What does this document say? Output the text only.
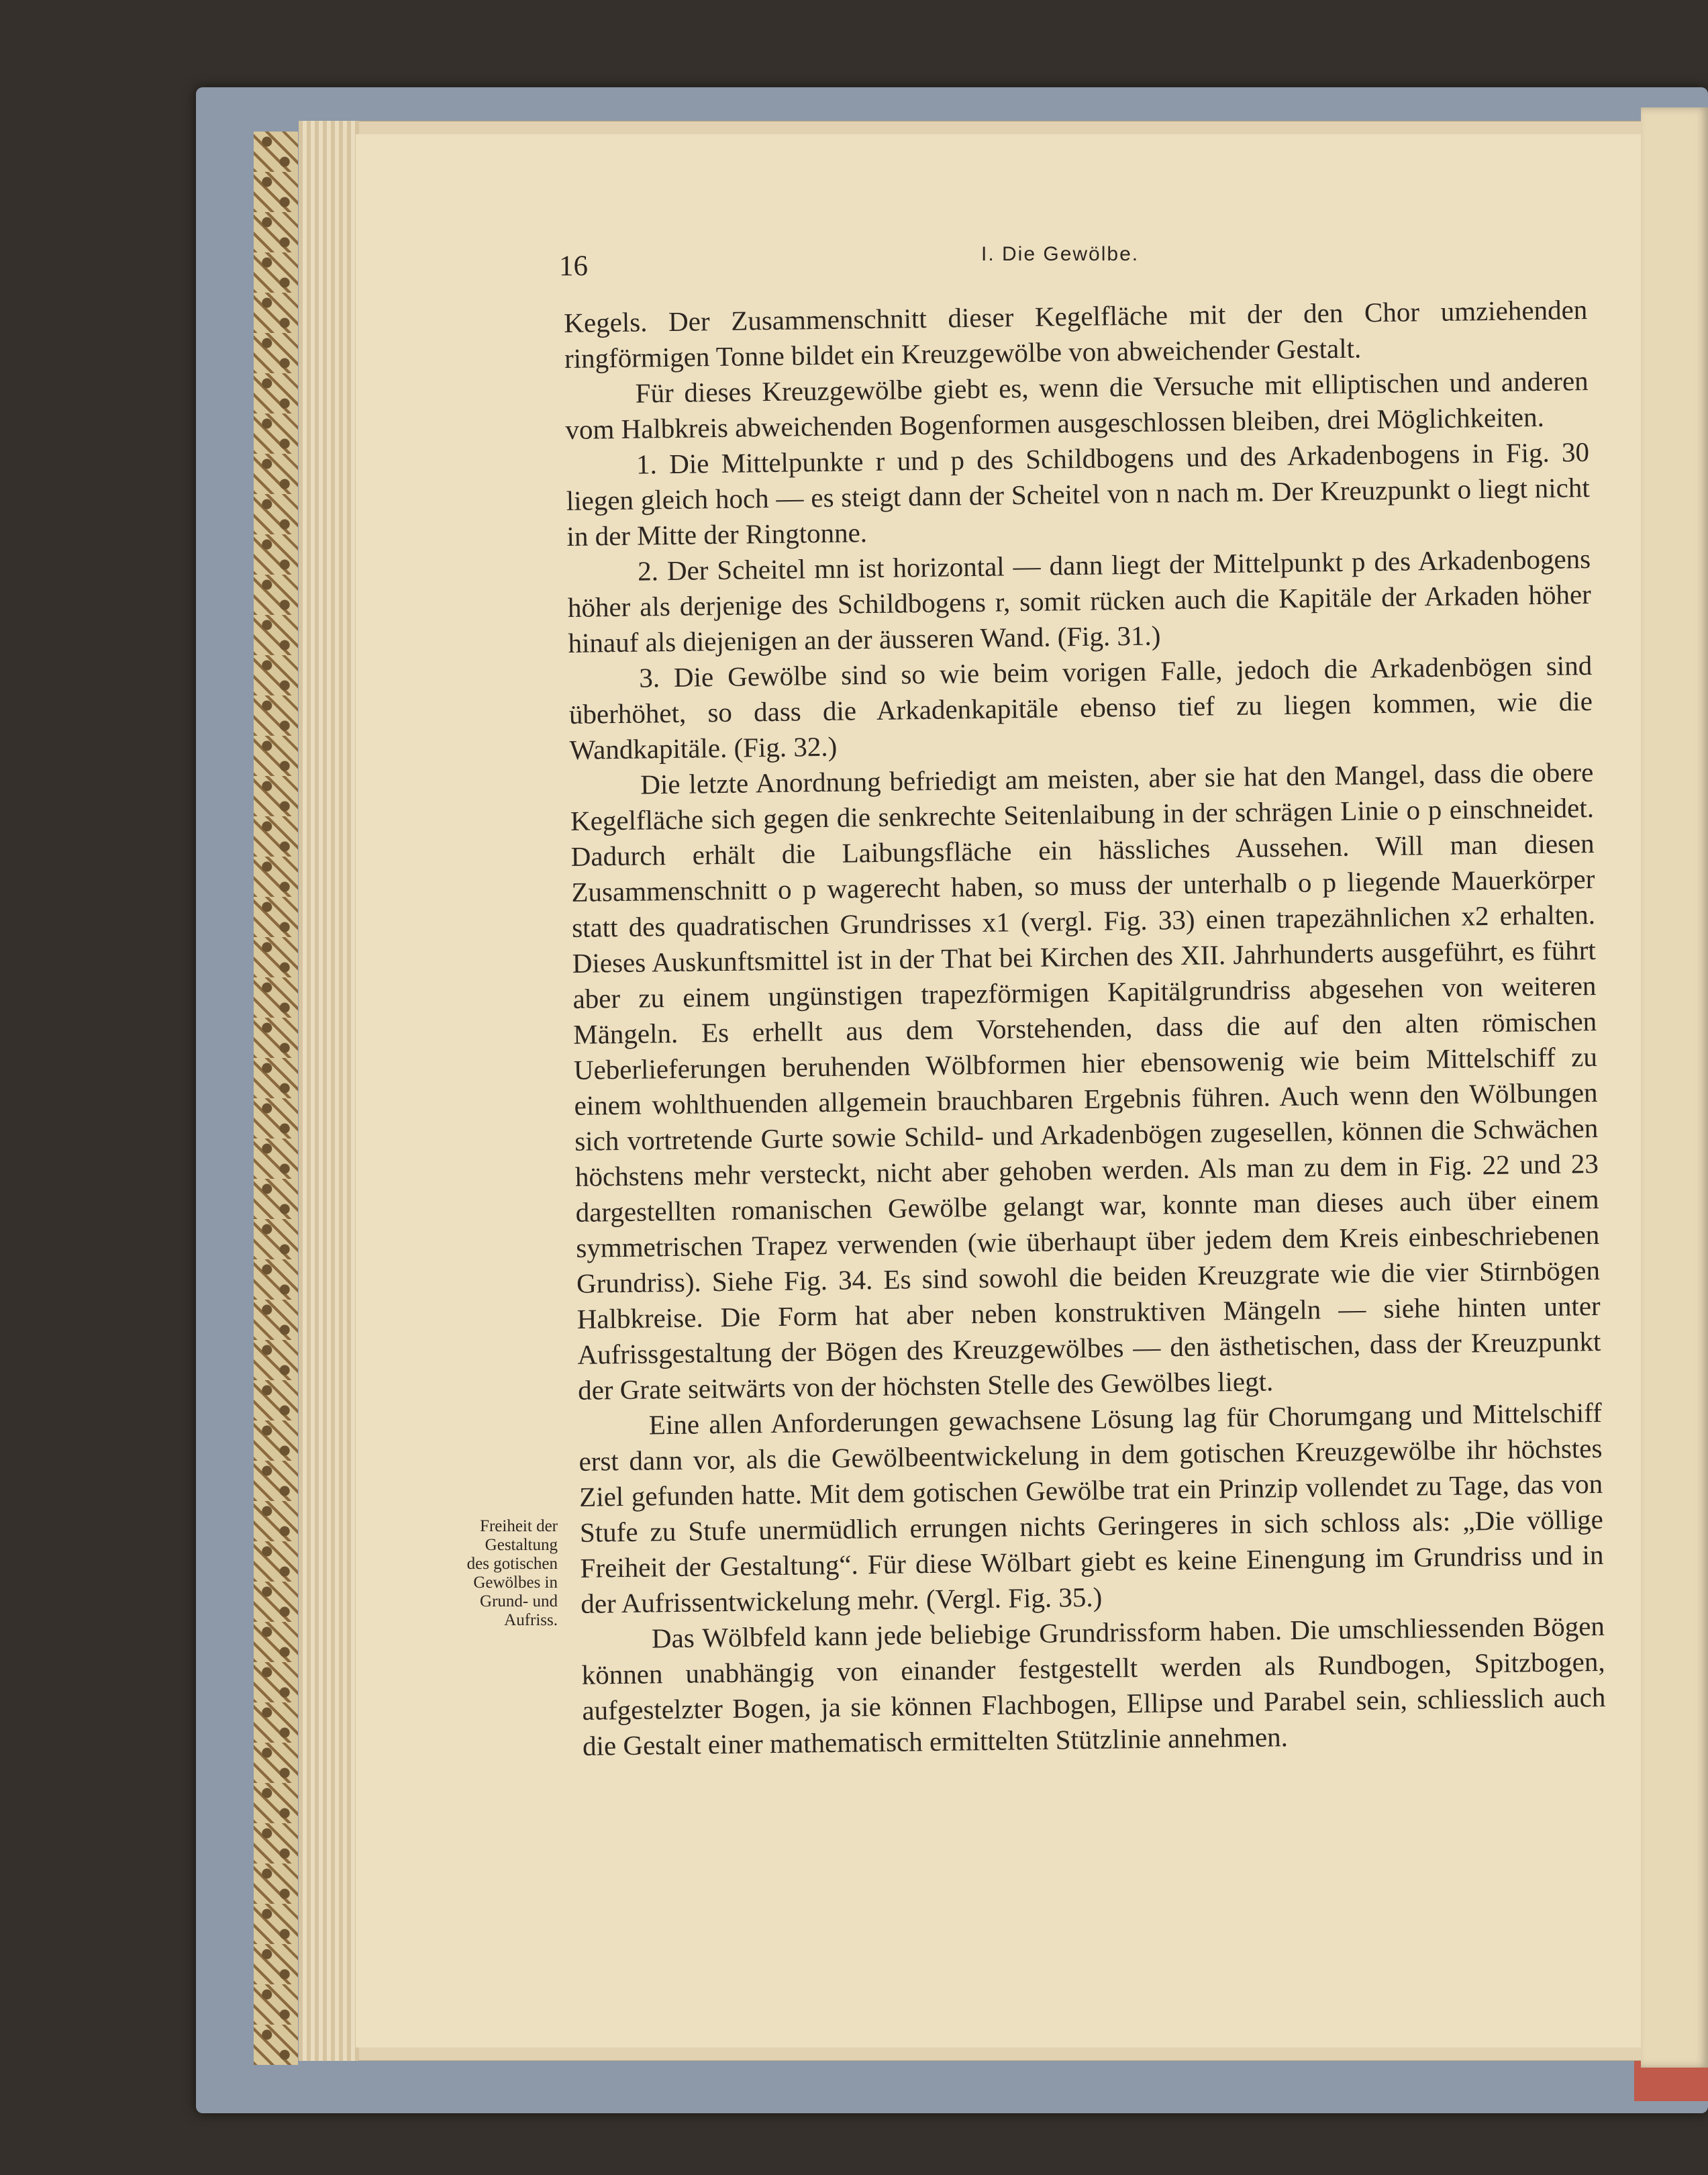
16	I. Die Gewölbe.
Freiheit der Gestaltung des gotischen Gewölbes in Grund- und Aufriss.

Kegels. Der Zusammenschnitt dieser Kegelfläche mit der den Chor umziehenden ringförmigen Tonne bildet ein Kreuzgewölbe von abweichender Gestalt.

Für dieses Kreuzgewölbe giebt es, wenn die Versuche mit elliptischen und anderen vom Halbkreis abweichenden Bogenformen ausgeschlossen bleiben, drei Möglichkeiten.

1. Die Mittelpunkte r und p des Schildbogens und des Arkadenbogens in Fig. 30 liegen gleich hoch — es steigt dann der Scheitel von n nach m. Der Kreuzpunkt o liegt nicht in der Mitte der Ringtonne.

2. Der Scheitel mn ist horizontal — dann liegt der Mittelpunkt p des Arkadenbogens höher als derjenige des Schildbogens r, somit rücken auch die Kapitäle der Arkaden höher hinauf als diejenigen an der äusseren Wand. (Fig. 31.)

3. Die Gewölbe sind so wie beim vorigen Falle, jedoch die Arkadenbögen sind überhöhet, so dass die Arkadenkapitäle ebenso tief zu liegen kommen, wie die Wandkapitäle. (Fig. 32.)

Die letzte Anordnung befriedigt am meisten, aber sie hat den Mangel, dass die obere Kegelfläche sich gegen die senkrechte Seitenlaibung in der schrägen Linie o p einschneidet. Dadurch erhält die Laibungsfläche ein hässliches Aussehen. Will man diesen Zusammenschnitt o p wagerecht haben, so muss der unterhalb o p liegende Mauerkörper statt des quadratischen Grundrisses x1 (vergl. Fig. 33) einen trapezähnlichen x2 erhalten. Dieses Auskunftsmittel ist in der That bei Kirchen des XII. Jahrhunderts ausgeführt, es führt aber zu einem ungünstigen trapezförmigen Kapitälgrundriss abgesehen von weiteren Mängeln. Es erhellt aus dem Vorstehenden, dass die auf den alten römischen Ueberlieferungen beruhenden Wölbformen hier ebensowenig wie beim Mittelschiff zu einem wohlthuenden allgemein brauchbaren Ergebnis führen. Auch wenn den Wölbungen sich vortretende Gurte sowie Schild- und Arkadenbögen zugesellen, können die Schwächen höchstens mehr versteckt, nicht aber gehoben werden. Als man zu dem in Fig. 22 und 23 dargestellten romanischen Gewölbe gelangt war, konnte man dieses auch über einem symmetrischen Trapez verwenden (wie überhaupt über jedem dem Kreis einbeschriebenen Grundriss). Siehe Fig. 34. Es sind sowohl die beiden Kreuzgrate wie die vier Stirnbögen Halbkreise. Die Form hat aber neben konstruktiven Mängeln — siehe hinten unter Aufrissgestaltung der Bögen des Kreuzgewölbes — den ästhetischen, dass der Kreuzpunkt der Grate seitwärts von der höchsten Stelle des Gewölbes liegt.

Eine allen Anforderungen gewachsene Lösung lag für Chorumgang und Mittelschiff erst dann vor, als die Gewölbeentwickelung in dem gotischen Kreuzgewölbe ihr höchstes Ziel gefunden hatte. Mit dem gotischen Gewölbe trat ein Prinzip vollendet zu Tage, das von Stufe zu Stufe unermüdlich errungen nichts Geringeres in sich schloss als: „Die völlige Freiheit der Gestaltung“. Für diese Wölbart giebt es keine Einengung im Grundriss und in der Aufrissentwickelung mehr. (Vergl. Fig. 35.)

Das Wölbfeld kann jede beliebige Grundrissform haben. Die umschliessenden Bögen können unabhängig von einander festgestellt werden als Rundbogen, Spitzbogen, aufgestelzter Bogen, ja sie können Flachbogen, Ellipse und Parabel sein, schliesslich auch die Gestalt einer mathematisch ermittelten Stützlinie annehmen.
